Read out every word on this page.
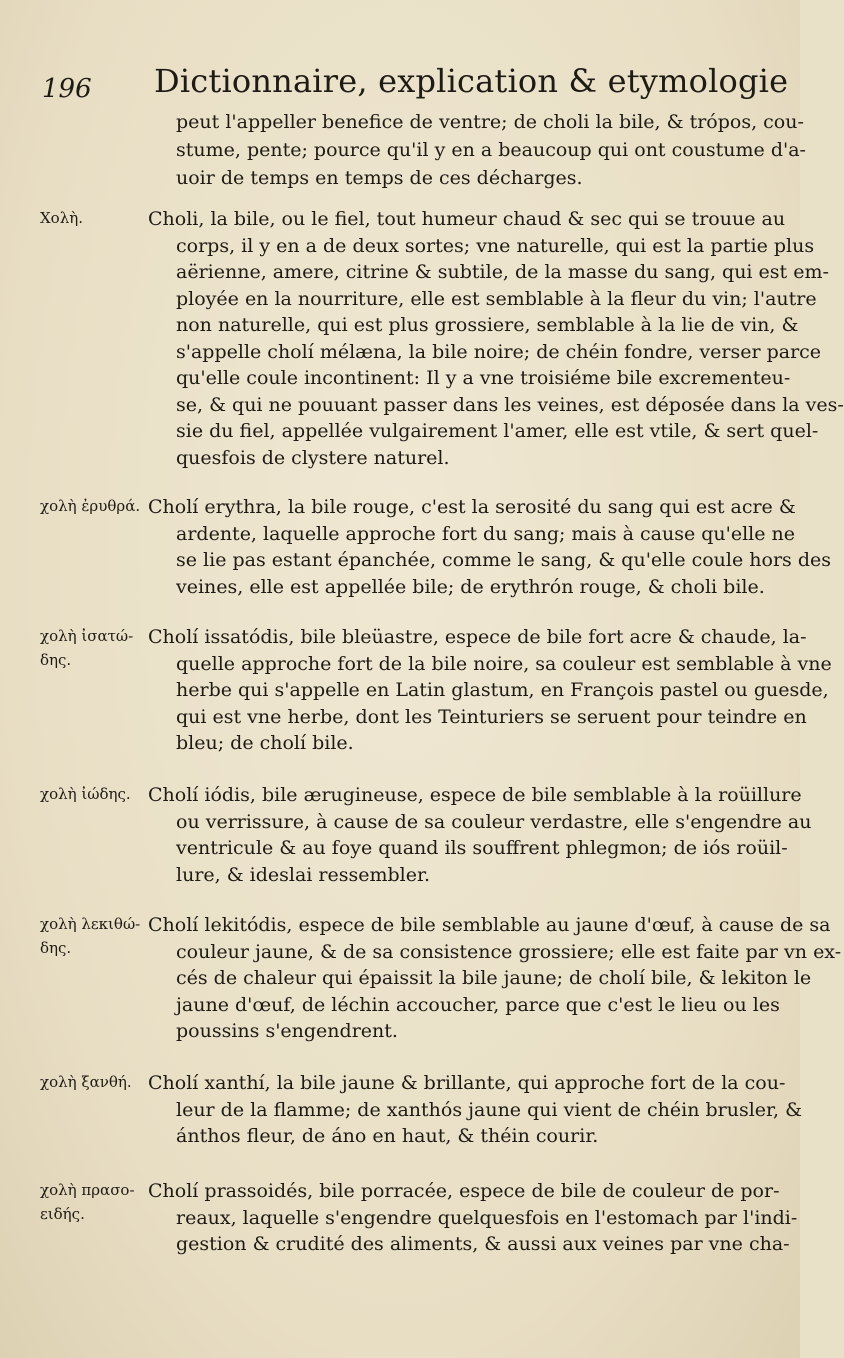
196 Dictionnaire, explication & etymologie
peut l'appeller benefice de ventre; de choli la bile, & trópos, cou-
stume, pente; pource qu'il y en a beaucoup qui ont coustume d'a-
uoir de temps en temps de ces décharges.
Χολὴ.	Choli, la bile, ou le fiel, tout humeur chaud & sec qui se trouue au
corps, il y en a de deux sortes; vne naturelle, qui est la partie plus
aërienne, amere, citrine & subtile, de la masse du sang, qui est em-
ployée en la nourriture, elle est semblable à la fleur du vin; l'autre
non naturelle, qui est plus grossiere, semblable à la lie de vin, &
s'appelle cholí mélæna, la bile noire; de chéin fondre, verser parce
qu'elle coule incontinent: Il y a vne troisiéme bile excrementeu-
se, & qui ne pouuant passer dans les veines, est déposée dans la ves-
sie du fiel, appellée vulgairement l'amer, elle est vtile, & sert quel-
quesfois de clystere naturel.
χολὴ ἐρυθρά. Cholí erythra, la bile rouge, c'est la serosité du sang qui est acre &
ardente, laquelle approche fort du sang; mais à cause qu'elle ne
se lie pas estant épanchée, comme le sang, & qu'elle coule hors des
veines, elle est appellée bile; de erythrón rouge, & choli bile.
χολὴ ἰσατώ- δης.
Cholí issatódis, bile bleüastre, espece de bile fort acre & chaude, la-
quelle approche fort de la bile noire, sa couleur est semblable à vne
herbe qui s'appelle en Latin glastum, en François pastel ou guesde,
qui est vne herbe, dont les Teinturiers se seruent pour teindre en
bleu; de cholí bile.
χολὴ ἰώδης. Cholí iódis, bile ærugineuse, espece de bile semblable à la roüillure
ou verrissure, à cause de sa couleur verdastre, elle s'engendre au
ventricule & au foye quand ils souffrent phlegmon; de iós roüil-
lure, & ideslai ressembler.
χολὴ λεκιθώ- δης.
Cholí lekitódis, espece de bile semblable au jaune d'œuf, à cause de sa
couleur jaune, & de sa consistence grossiere; elle est faite par vn ex-
cés de chaleur qui épaissit la bile jaune; de cholí bile, & lekiton le
jaune d'œuf, de léchin accoucher, parce que c'est le lieu ou les
poussins s'engendrent.
χολὴ ξανθή. Cholí xanthí, la bile jaune & brillante, qui approche fort de la cou-
leur de la flamme; de xanthós jaune qui vient de chéin brusler, &
ánthos fleur, de áno en haut, & théin courir.
χολὴ πρασο- ειδής.
Cholí prassoidés, bile porracée, espece de bile de couleur de por-
reaux, laquelle s'engendre quelquesfois en l'estomach par l'indi-
gestion & crudité des aliments, & aussi aux veines par vne cha-
